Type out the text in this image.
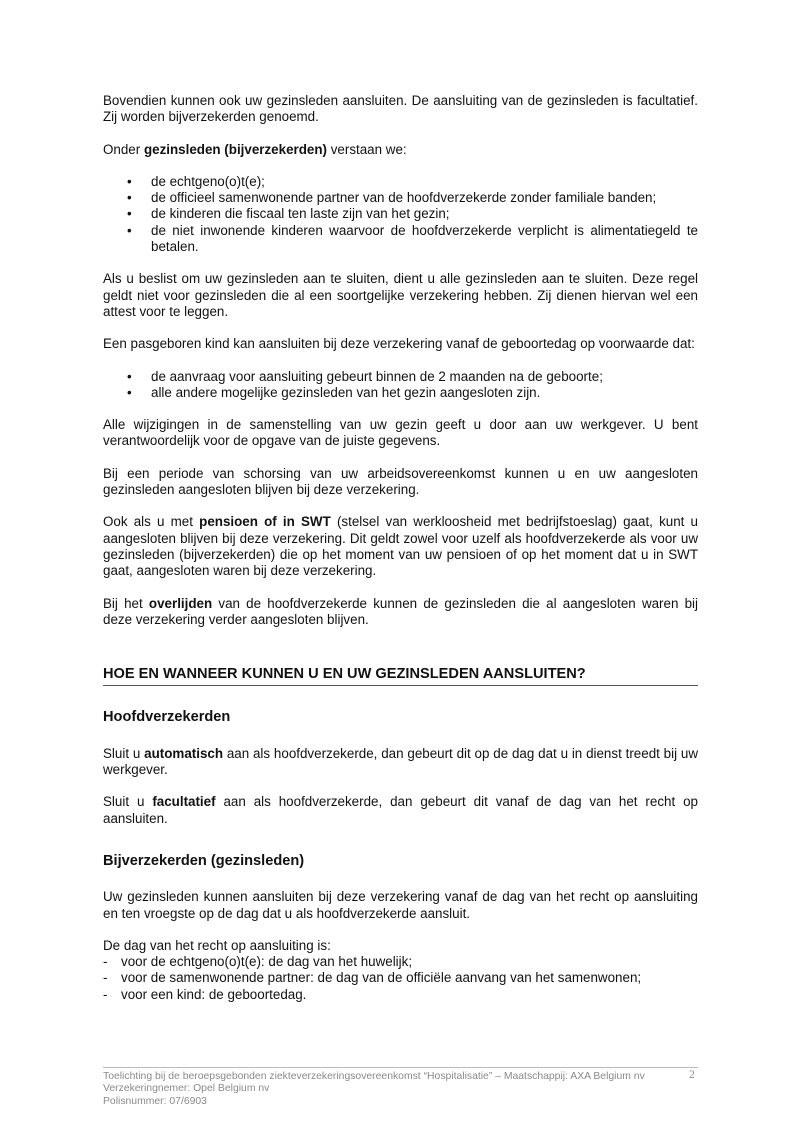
Bovendien kunnen ook uw gezinsleden aansluiten. De aansluiting van de gezinsleden is facultatief. Zij worden bijverzekerden genoemd.

Onder gezinsleden (bijverzekerden) verstaan we:

• de echtgeno(o)t(e);
• de officieel samenwonende partner van de hoofdverzekerde zonder familiale banden;
• de kinderen die fiscaal ten laste zijn van het gezin;
• de niet inwonende kinderen waarvoor de hoofdverzekerde verplicht is alimentatiegeld te betalen.

Als u beslist om uw gezinsleden aan te sluiten, dient u alle gezinsleden aan te sluiten. Deze regel geldt niet voor gezinsleden die al een soortgelijke verzekering hebben. Zij dienen hiervan wel een attest voor te leggen.

Een pasgeboren kind kan aansluiten bij deze verzekering vanaf de geboortedag op voorwaarde dat:

• de aanvraag voor aansluiting gebeurt binnen de 2 maanden na de geboorte;
• alle andere mogelijke gezinsleden van het gezin aangesloten zijn.

Alle wijzigingen in de samenstelling van uw gezin geeft u door aan uw werkgever. U bent verantwoordelijk voor de opgave van de juiste gegevens.

Bij een periode van schorsing van uw arbeidsovereenkomst kunnen u en uw aangesloten gezinsleden aangesloten blijven bij deze verzekering.

Ook als u met pensioen of in SWT (stelsel van werkloosheid met bedrijfstoeslag) gaat, kunt u aangesloten blijven bij deze verzekering. Dit geldt zowel voor uzelf als hoofdverzekerde als voor uw gezinsleden (bijverzekerden) die op het moment van uw pensioen of op het moment dat u in SWT gaat, aangesloten waren bij deze verzekering.

Bij het overlijden van de hoofdverzekerde kunnen de gezinsleden die al aangesloten waren bij deze verzekering verder aangesloten blijven.

HOE EN WANNEER KUNNEN U EN UW GEZINSLEDEN AANSLUITEN?
Hoofdverzekerden

Sluit u automatisch aan als hoofdverzekerde, dan gebeurt dit op de dag dat u in dienst treedt bij uw werkgever.

Sluit u facultatief aan als hoofdverzekerde, dan gebeurt dit vanaf de dag van het recht op aansluiten.

Bijverzekerden (gezinsleden)

Uw gezinsleden kunnen aansluiten bij deze verzekering vanaf de dag van het recht op aansluiting en ten vroegste op de dag dat u als hoofdverzekerde aansluit.

De dag van het recht op aansluiting is:

- voor de echtgeno(o)t(e): de dag van het huwelijk;
- voor de samenwonende partner: de dag van de officiële aanvang van het samenwonen;
- voor een kind: de geboortedag.
Toelichting bij de beroepsgebonden ziekteverzekeringsovereenkomst “Hospitalisatie” – Maatschappij: AXA Belgium nv
Verzekeringnemer: Opel Belgium nv
Polisnummer: 07/6903
2
